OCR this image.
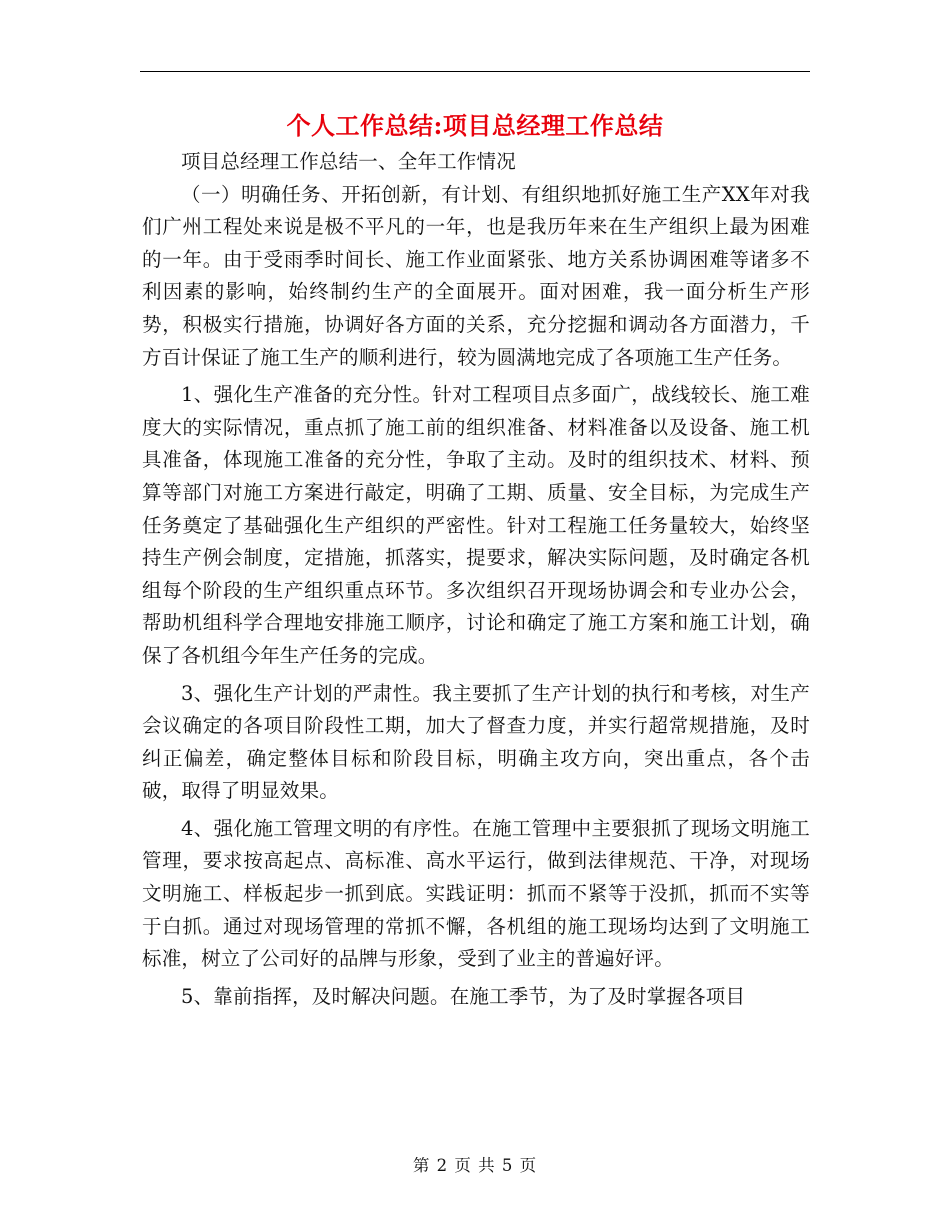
个人工作总结:项目总经理工作总结

项目总经理工作总结一、全年工作情况

（一）明确任务、开拓创新，有计划、有组织地抓好施工生产XX年对我们广州工程处来说是极不平凡的一年，也是我历年来在生产组织上最为困难的一年。由于受雨季时间长、施工作业面紧张、地方关系协调困难等诸多不利因素的影响，始终制约生产的全面展开。面对困难，我一面分析生产形势，积极实行措施，协调好各方面的关系，充分挖掘和调动各方面潜力，千方百计保证了施工生产的顺利进行，较为圆满地完成了各项施工生产任务。

1、强化生产准备的充分性。针对工程项目点多面广，战线较长、施工难度大的实际情况，重点抓了施工前的组织准备、材料准备以及设备、施工机具准备，体现施工准备的充分性，争取了主动。及时的组织技术、材料、预算等部门对施工方案进行敲定，明确了工期、质量、安全目标，为完成生产任务奠定了基础强化生产组织的严密性。针对工程施工任务量较大，始终坚持生产例会制度，定措施，抓落实，提要求，解决实际问题，及时确定各机组每个阶段的生产组织重点环节。多次组织召开现场协调会和专业办公会，帮助机组科学合理地安排施工顺序，讨论和确定了施工方案和施工计划，确保了各机组今年生产任务的完成。

3、强化生产计划的严肃性。我主要抓了生产计划的执行和考核，对生产会议确定的各项目阶段性工期，加大了督查力度，并实行超常规措施，及时纠正偏差，确定整体目标和阶段目标，明确主攻方向，突出重点，各个击破，取得了明显效果。

4、强化施工管理文明的有序性。在施工管理中主要狠抓了现场文明施工管理，要求按高起点、高标准、高水平运行，做到法律规范、干净，对现场文明施工、样板起步一抓到底。实践证明：抓而不紧等于没抓，抓而不实等于白抓。通过对现场管理的常抓不懈，各机组的施工现场均达到了文明施工标准，树立了公司好的品牌与形象，受到了业主的普遍好评。

5、靠前指挥，及时解决问题。在施工季节，为了及时掌握各项目

第 2 页 共 5 页
